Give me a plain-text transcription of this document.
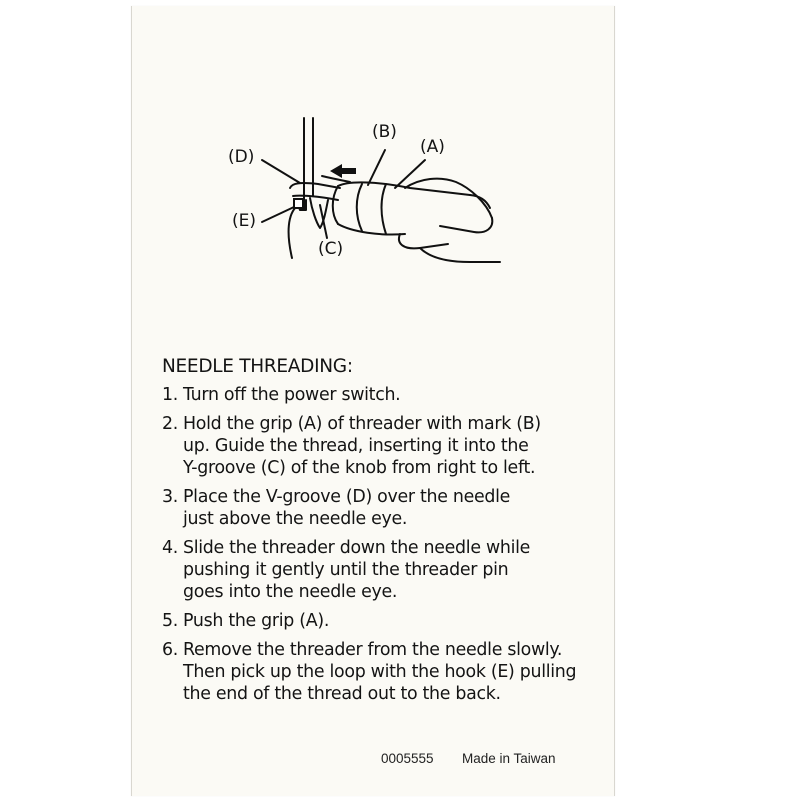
(D)
(B)
(A)
(E)
(C)
NEEDLE THREADING:
1. Turn off the power switch.
2. Hold the grip (A) of threader with mark (B)
up. Guide the thread, inserting it into the
Y-groove (C) of the knob from right to left.
3. Place the V-groove (D) over the needle
just above the needle eye.
4. Slide the threader down the needle while
pushing it gently until the threader pin
goes into the needle eye.
5. Push the grip (A).
6. Remove the threader from the needle slowly.
Then pick up the loop with the hook (E) pulling
the end of the thread out to the back.
0005555 Made in Taiwan
